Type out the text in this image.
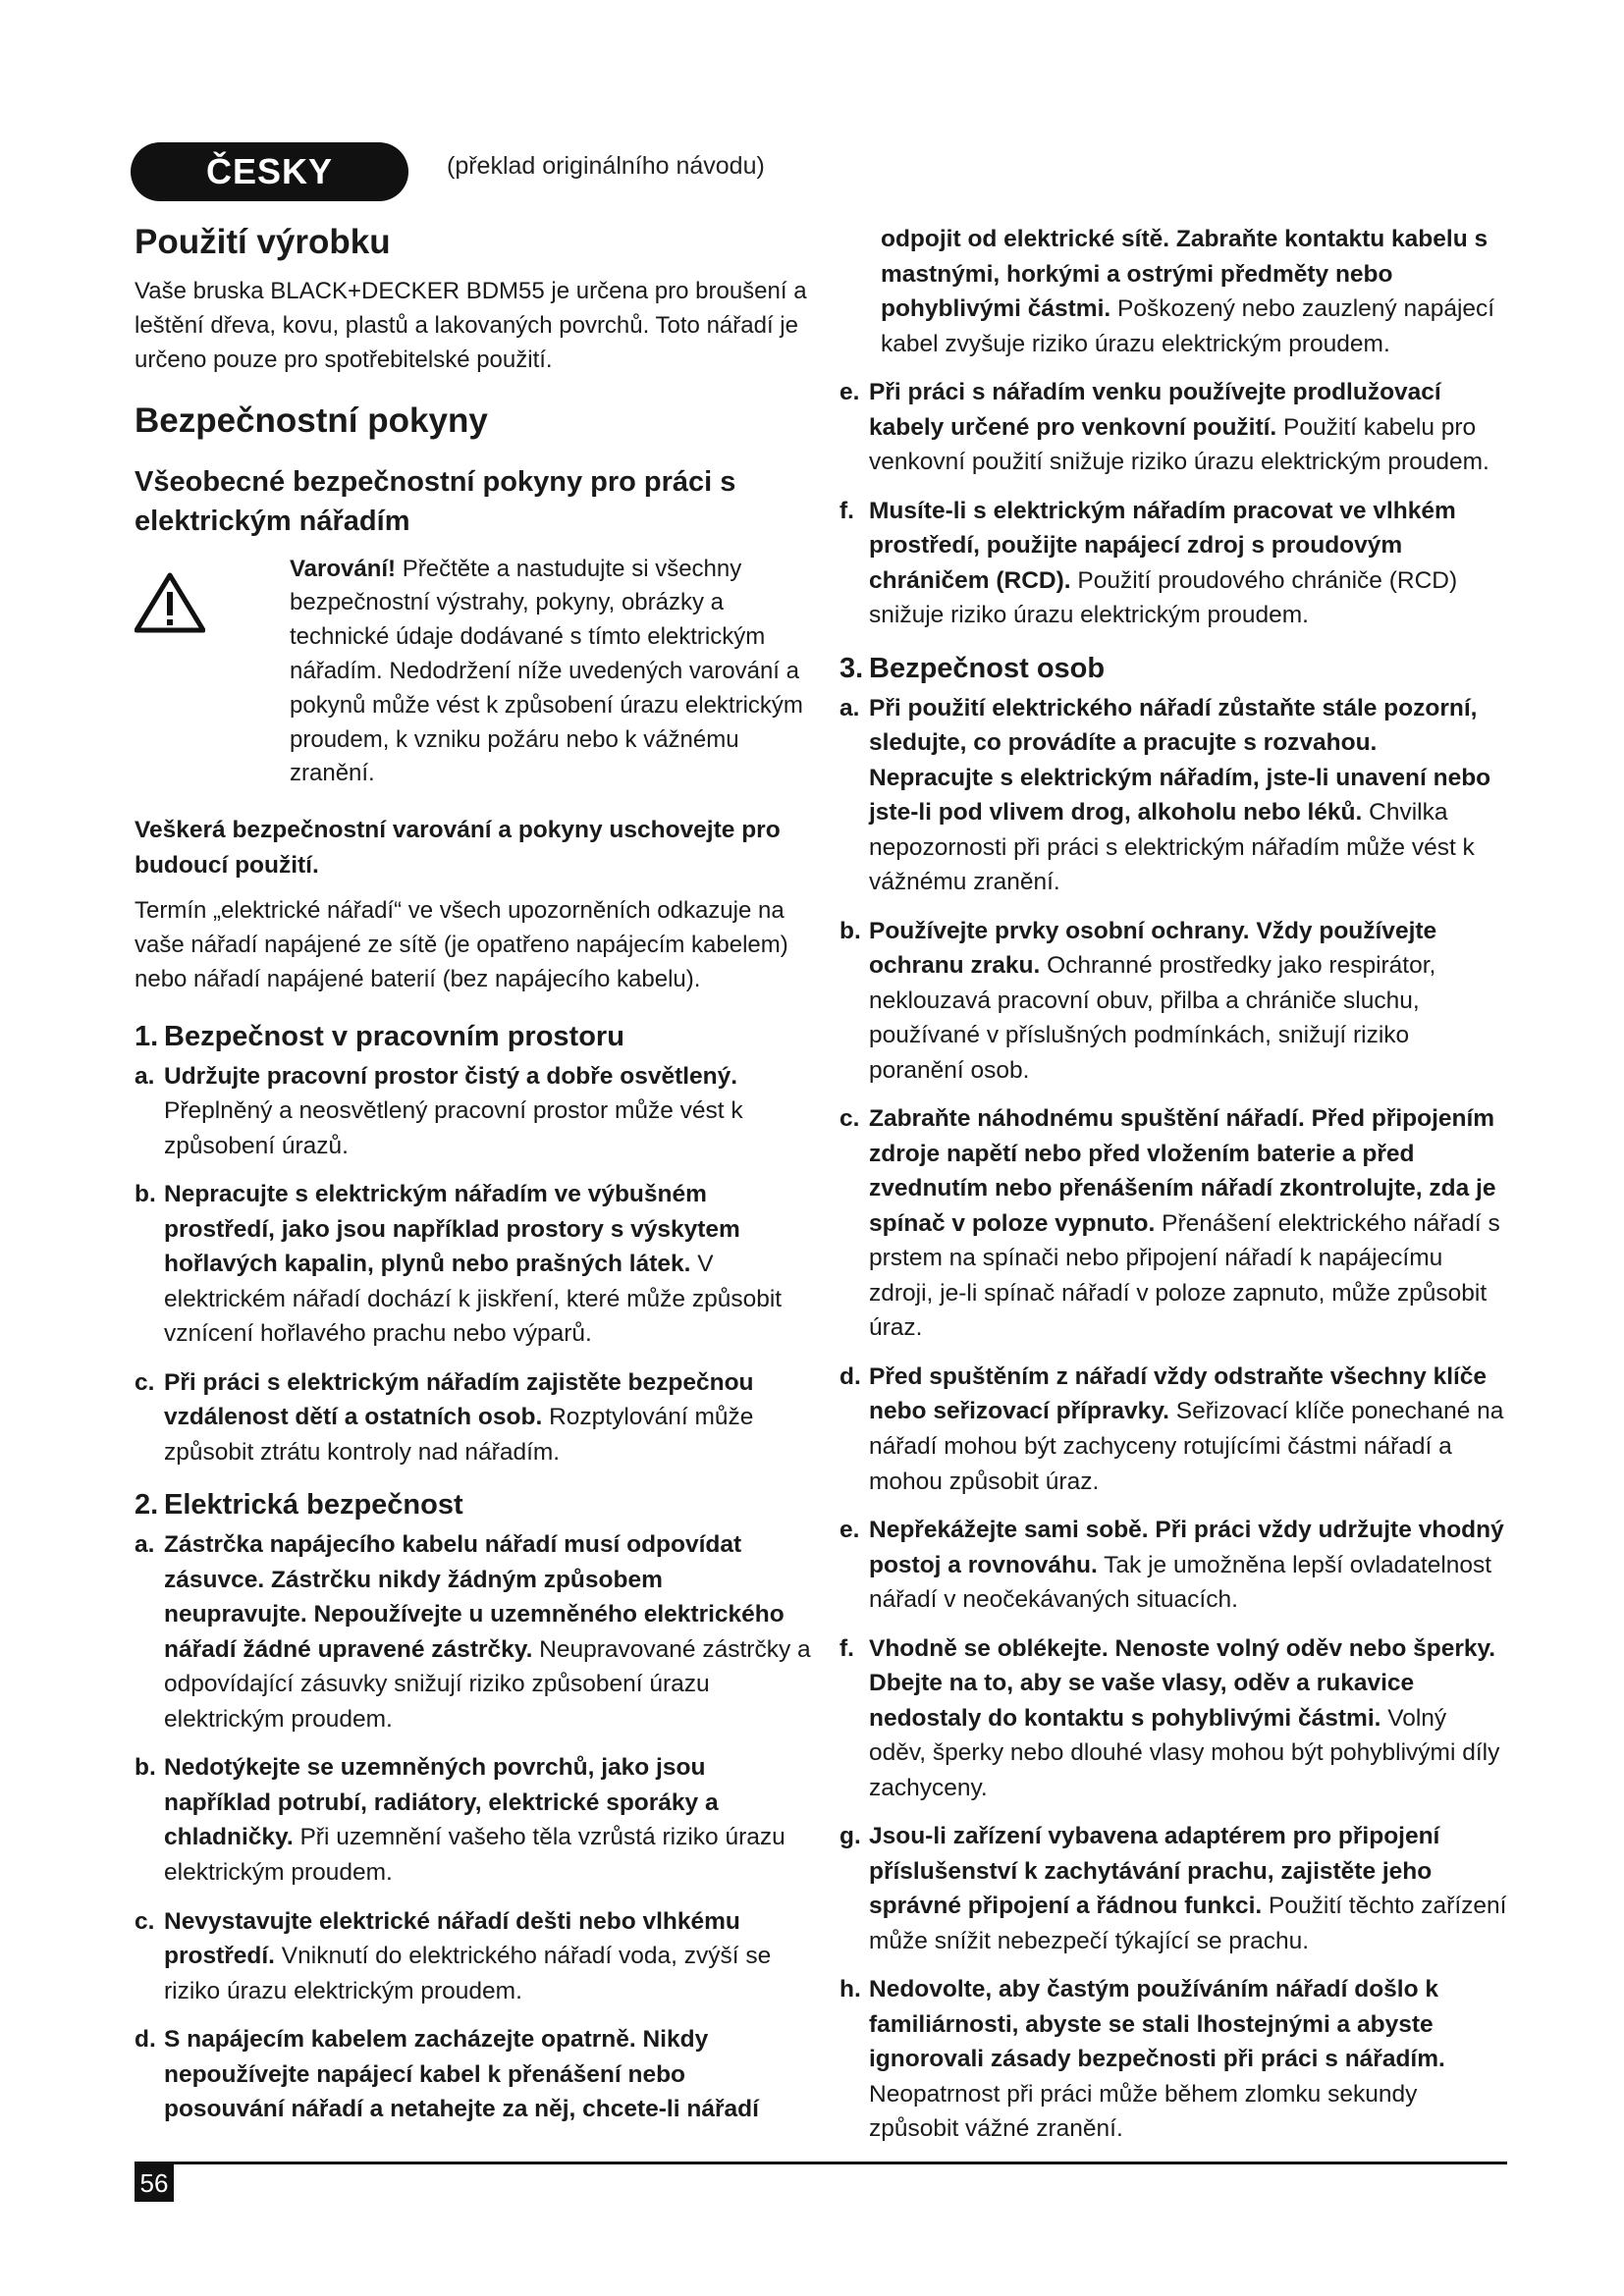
ČESKY	(překlad originálního návodu)
Použití výrobku
Vaše bruska BLACK+DECKER BDM55 je určena pro broušení a leštění dřeva, kovu, plastů a lakovaných povrchů. Toto nářadí je určeno pouze pro spotřebitelské použití.
Bezpečnostní pokyny
Všeobecné bezpečnostní pokyny pro práci s elektrickým nářadím
Varování! Přečtěte a nastudujte si všechny bezpečnostní výstrahy, pokyny, obrázky a technické údaje dodávané s tímto elektrickým nářadím. Nedodržení níže uvedených varování a pokynů může vést k způsobení úrazu elektrickým proudem, k vzniku požáru nebo k vážnému zranění.
Veškerá bezpečnostní varování a pokyny uschovejte pro budoucí použití.
Termín „elektrické nářadí“ ve všech upozorněních odkazuje na vaše nářadí napájené ze sítě (je opatřeno napájecím kabelem) nebo nářadí napájené baterií (bez napájecího kabelu).
1. Bezpečnost v pracovním prostoru
a. Udržujte pracovní prostor čistý a dobře osvětlený. Přeplněný a neosvětlený pracovní prostor může vést k způsobení úrazů.
b. Nepracujte s elektrickým nářadím ve výbušném prostředí, jako jsou například prostory s výskytem hořlavých kapalin, plynů nebo prašných látek. V elektrickém nářadí dochází k jiskření, které může způsobit vznícení hořlavého prachu nebo výparů.
c. Při práci s elektrickým nářadím zajistěte bezpečnou vzdálenost dětí a ostatních osob. Rozptylování může způsobit ztrátu kontroly nad nářadím.
2. Elektrická bezpečnost
a. Zástrčka napájecího kabelu nářadí musí odpovídat zásuvce. Zástrčku nikdy žádným způsobem neupravujte. Nepoužívejte u uzemněného elektrického nářadí žádné upravené zástrčky. Neupravované zástrčky a odpovídající zásuvky snižují riziko způsobení úrazu elektrickým proudem.
b. Nedotýkejte se uzemněných povrchů, jako jsou například potrubí, radiátory, elektrické sporáky a chladničky. Při uzemnění vašeho těla vzrůstá riziko úrazu elektrickým proudem.
c. Nevystavujte elektrické nářadí dešti nebo vlhkému prostředí. Vniknutí do elektrického nářadí voda, zvýší se riziko úrazu elektrickým proudem.
d. S napájecím kabelem zacházejte opatrně. Nikdy nepoužívejte napájecí kabel k přenášení nebo posouvání nářadí a netahejte za něj, chcete-li nářadí
odpojit od elektrické sítě. Zabraňte kontaktu kabelu s mastnými, horkými a ostrými předměty nebo pohyblivými částmi. Poškozený nebo zauzlený napájecí kabel zvyšuje riziko úrazu elektrickým proudem.
e. Při práci s nářadím venku používejte prodlužovací kabely určené pro venkovní použití. Použití kabelu pro venkovní použití snižuje riziko úrazu elektrickým proudem.
f. Musíte-li s elektrickým nářadím pracovat ve vlhkém prostředí, použijte napájecí zdroj s proudovým chráničem (RCD). Použití proudového chrániče (RCD) snižuje riziko úrazu elektrickým proudem.
3. Bezpečnost osob
a. Při použití elektrického nářadí zůstaňte stále pozorní, sledujte, co provádíte a pracujte s rozvahou. Nepracujte s elektrickým nářadím, jste-li unavení nebo jste-li pod vlivem drog, alkoholu nebo léků. Chvilka nepozornosti při práci s elektrickým nářadím může vést k vážnému zranění.
b. Používejte prvky osobní ochrany. Vždy používejte ochranu zraku. Ochranné prostředky jako respirátor, neklouzavá pracovní obuv, přilba a chrániče sluchu, používané v příslušných podmínkách, snižují riziko poranění osob.
c. Zabraňte náhodnému spuštění nářadí. Před připojením zdroje napětí nebo před vložením baterie a před zvednutím nebo přenášením nářadí zkontrolujte, zda je spínač v poloze vypnuto. Přenášení elektrického nářadí s prstem na spínači nebo připojení nářadí k napájecímu zdroji, je-li spínač nářadí v poloze zapnuto, může způsobit úraz.
d. Před spuštěním z nářadí vždy odstraňte všechny klíče nebo seřizovací přípravky. Seřizovací klíče ponechané na nářadí mohou být zachyceny rotujícími částmi nářadí a mohou způsobit úraz.
e. Nepřekážejte sami sobě. Při práci vždy udržujte vhodný postoj a rovnováhu. Tak je umožněna lepší ovladatelnost nářadí v neočekávaných situacích.
f. Vhodně se oblékejte. Nenoste volný oděv nebo šperky. Dbejte na to, aby se vaše vlasy, oděv a rukavice nedostaly do kontaktu s pohyblivými částmi. Volný oděv, šperky nebo dlouhé vlasy mohou být pohyblivými díly zachyceny.
g. Jsou-li zařízení vybavena adaptérem pro připojení příslušenství k zachytávání prachu, zajistěte jeho správné připojení a řádnou funkci. Použití těchto zařízení může snížit nebezpečí týkající se prachu.
h. Nedovolte, aby častým používáním nářadí došlo k familiárnosti, abyste se stali lhostejnými a abyste ignorovali zásady bezpečnosti při práci s nářadím. Neopatrnost při práci může během zlomku sekundy způsobit vážné zranění.
56
